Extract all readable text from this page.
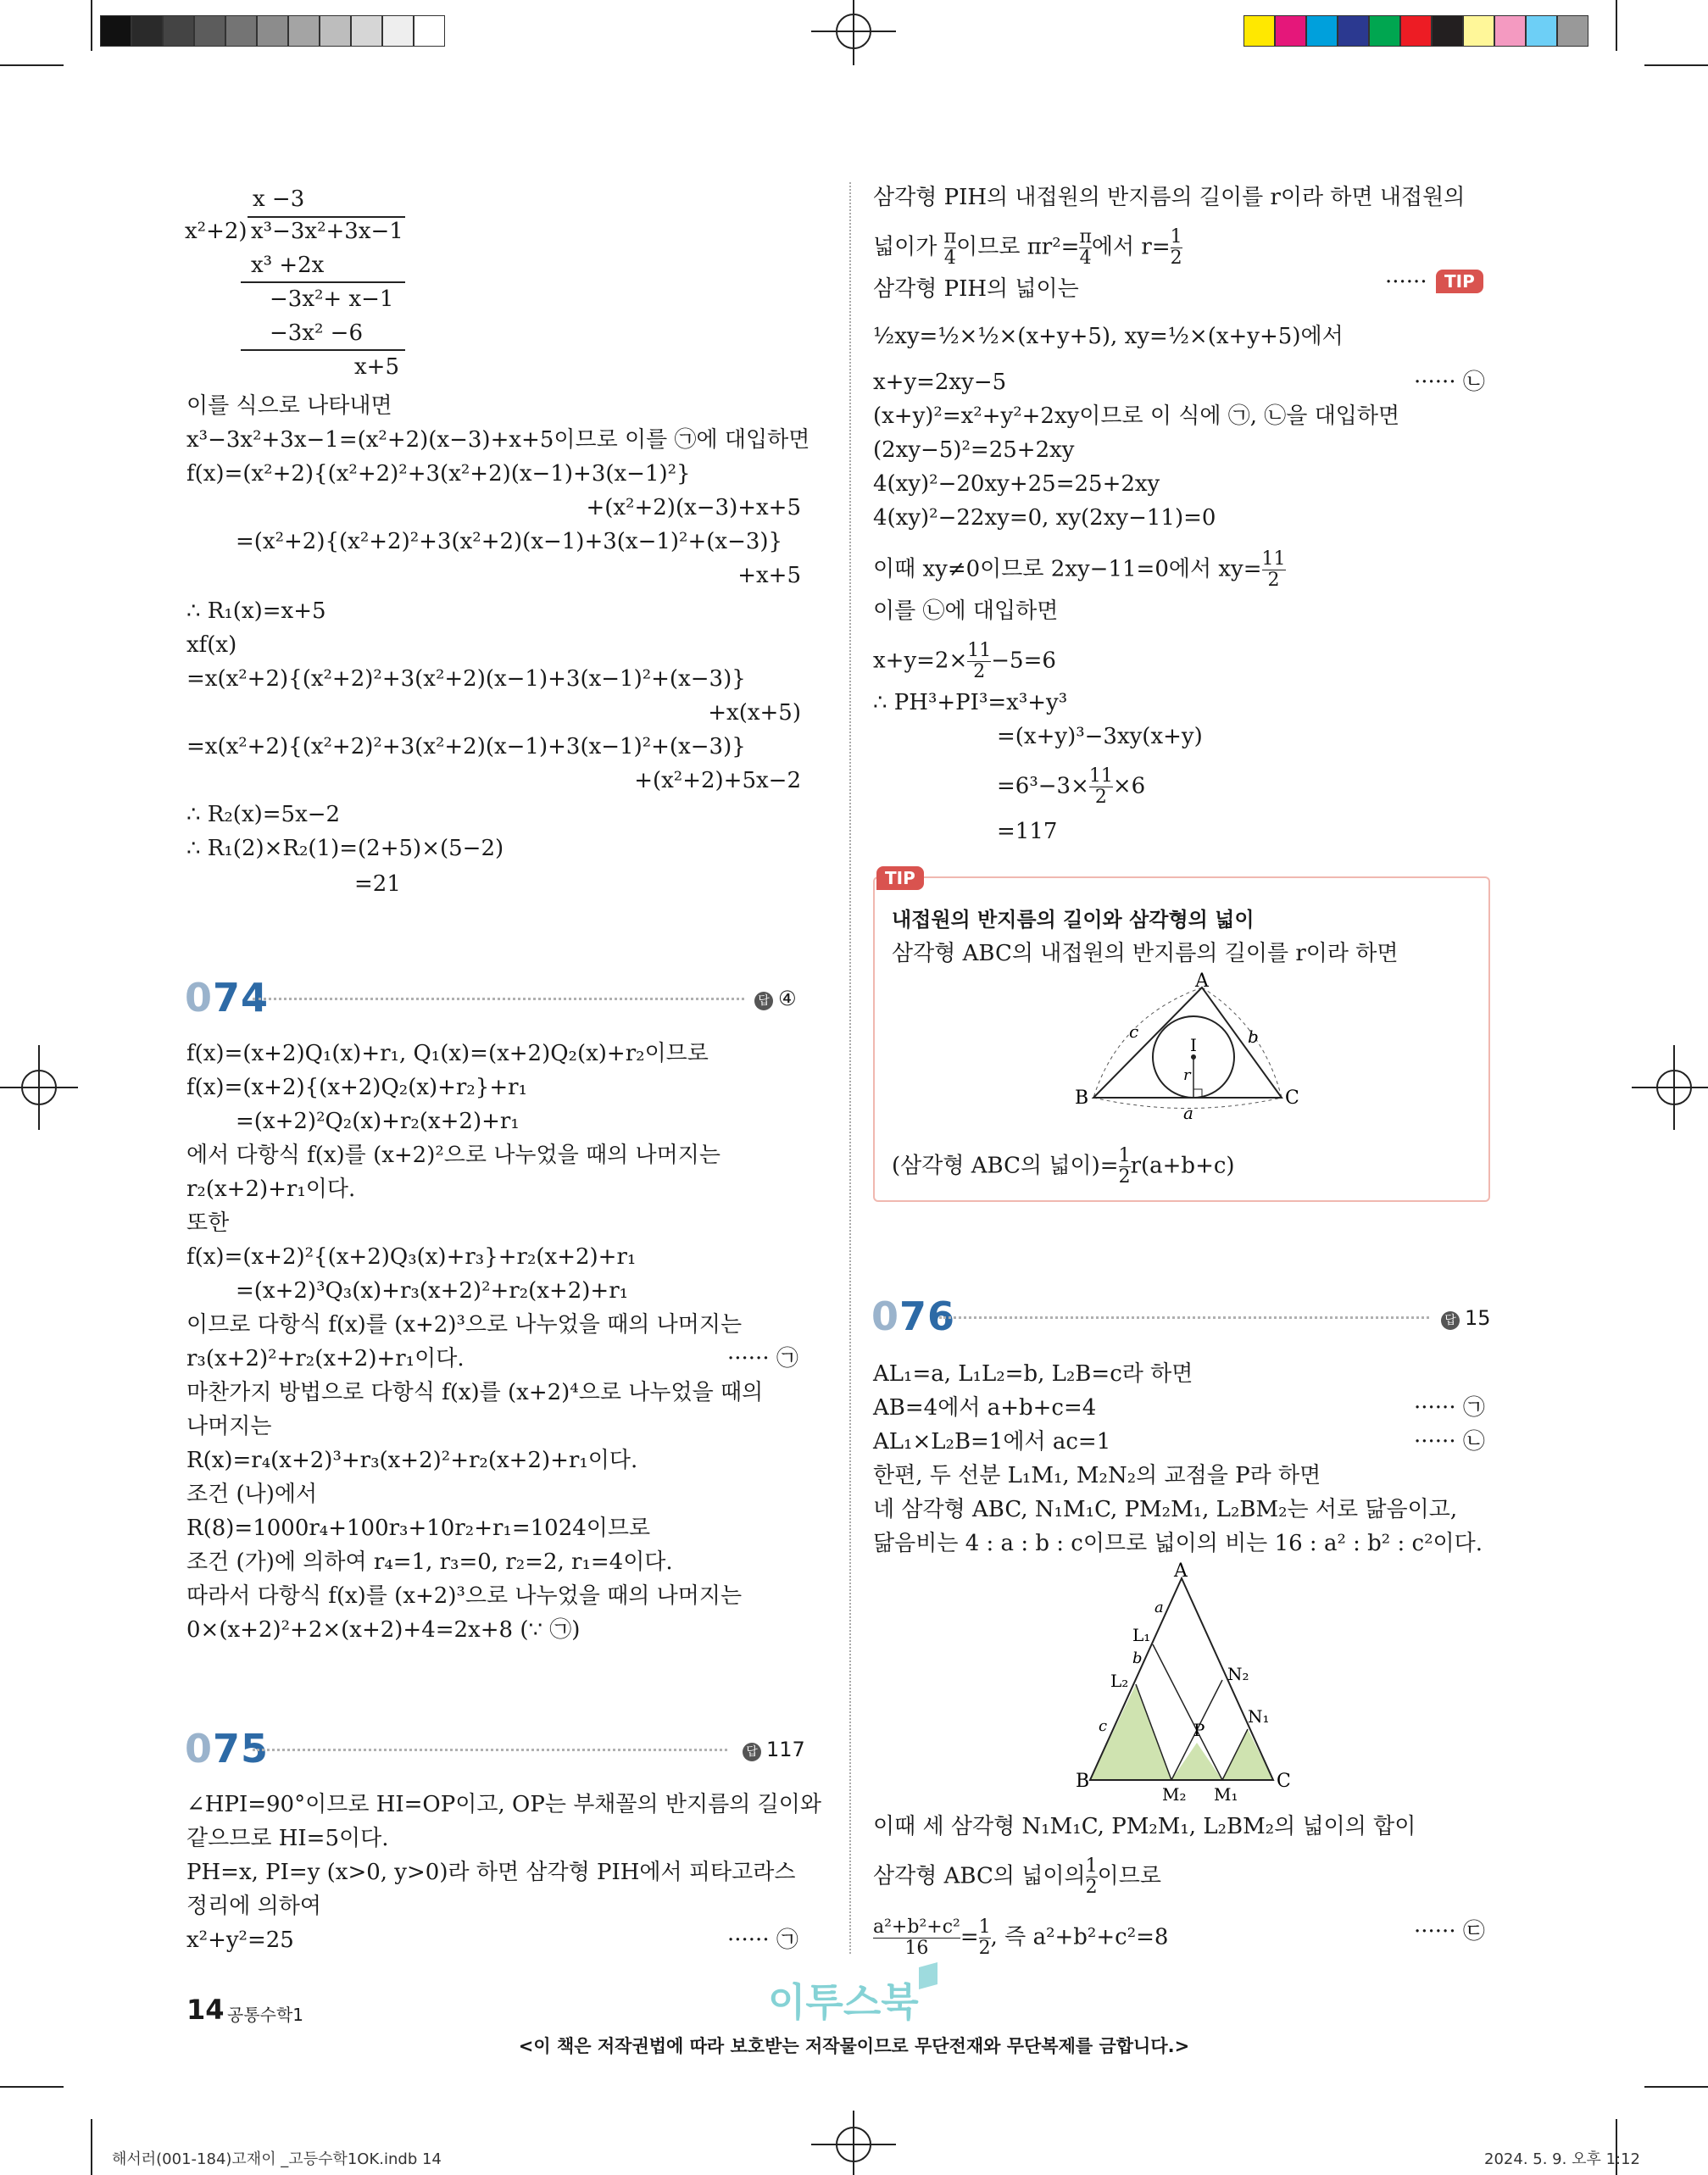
x −3
x²+2) x³−3x²+3x−1
x³ +2x
−3x²+ x−1
−3x² −6
x+5
이를 식으로 나타내면
x³−3x²+3x−1=(x²+2)(x−3)+x+5이므로 이를 ㉠에 대입하면
f(x)=(x²+2){(x²+2)²+3(x²+2)(x−1)+3(x−1)²}
+(x²+2)(x−3)+x+5
=(x²+2){(x²+2)²+3(x²+2)(x−1)+3(x−1)²+(x−3)}
+x+5
∴ R₁(x)=x+5
xf(x)
=x(x²+2){(x²+2)²+3(x²+2)(x−1)+3(x−1)²+(x−3)}
+x(x+5)
=x(x²+2){(x²+2)²+3(x²+2)(x−1)+3(x−1)²+(x−3)}
+(x²+2)+5x−2
∴ R₂(x)=5x−2
∴ R₁(2)×R₂(1)=(2+5)×(5−2)
=21
074	답 ④
f(x)=(x+2)Q₁(x)+r₁, Q₁(x)=(x+2)Q₂(x)+r₂이므로
f(x)=(x+2){(x+2)Q₂(x)+r₂}+r₁
=(x+2)²Q₂(x)+r₂(x+2)+r₁
에서 다항식 f(x)를 (x+2)²으로 나누었을 때의 나머지는
r₂(x+2)+r₁이다.
또한
f(x)=(x+2)²{(x+2)Q₃(x)+r₃}+r₂(x+2)+r₁
=(x+2)³Q₃(x)+r₃(x+2)²+r₂(x+2)+r₁
이므로 다항식 f(x)를 (x+2)³으로 나누었을 때의 나머지는
r₃(x+2)²+r₂(x+2)+r₁이다.	······ ㉠
마찬가지 방법으로 다항식 f(x)를 (x+2)⁴으로 나누었을 때의
나머지는
R(x)=r₄(x+2)³+r₃(x+2)²+r₂(x+2)+r₁이다.
조건 (나)에서
R(8)=1000r₄+100r₃+10r₂+r₁=1024이므로
조건 (가)에 의하여 r₄=1, r₃=0, r₂=2, r₁=4이다.
따라서 다항식 f(x)를 (x+2)³으로 나누었을 때의 나머지는
0×(x+2)²+2×(x+2)+4=2x+8 (∵ ㉠)
075	답 117
∠HPI=90°이므로 HI=OP이고, OP는 부채꼴의 반지름의 길이와
같으므로 HI=5이다.
PH=x, PI=y (x>0, y>0)라 하면 삼각형 PIH에서 피타고라스
정리에 의하여
x²+y²=25	······ ㉠
14 공통수학1
삼각형 PIH의 내접원의 반지름의 길이를 r이라 하면 내접원의
넓이가 $\frac{\pi}{4}$ 이므로 $\pi r^2= \frac{\pi}{4}$ 에서 $r= \frac{1}{2}$
삼각형 PIH의 넓이는	······	TIP
½xy=½×½×(x+y+5), xy=½×(x+y+5)에서
x+y=2xy−5	······ ㉡
(x+y)²=x²+y²+2xy이므로 이 식에 ㉠, ㉡을 대입하면
(2xy−5)²=25+2xy
4(xy)²−20xy+25=25+2xy
4(xy)²−22xy=0, xy(2xy−11)=0
이때 xy≠0이므로 2xy−11=0에서 $xy= \frac{11}{2}$
이를 ㉡에 대입하면
$x+y=2\times \frac{11}{2} -5=6$
∴ PH³+PI³=x³+y³
=(x+y)³−3xy(x+y)
$=6^3-3\times \frac{11}{2} \times 6$
=117
TIP
내접원의 반지름의 길이와 삼각형의 넓이
삼각형 ABC의 내접원의 반지름의 길이를 r이라 하면
A
B	C
I
r
a
b
c
(삼각형 ABC의 넓이)= $\frac{1}{2} r(a+b+c)$
076	답 15
AL₁=a, L₁L₂=b, L₂B=c라 하면
AB=4에서 a+b+c=4	······ ㉠
AL₁×L₂B=1에서 ac=1	······ ㉡
한편, 두 선분 L₁M₁, M₂N₂의 교점을 P라 하면
네 삼각형 ABC, N₁M₁C, PM₂M₁, L₂BM₂는 서로 닮음이고,
닮음비는 4 : a : b : c이므로 넓이의 비는 16 : a² : b² : c²이다.
A
B	C
L₁
L₂	N₂
N₁
M₂ M₁
P
a
b
c
이때 세 삼각형 N₁M₁C, PM₂M₁, L₂BM₂의 넓이의 합이
삼각형 ABC의 넓이의 $\frac{1}{2}$ 이므로
$\frac{\text{a²+b²+c²}}{16} = \frac{1}{2}$ , 즉 a²+b²+c²=8	······ ㉢
이투스북
<이 책은 저작권법에 따라 보호받는 저작물이므로 무단전재와 무단복제를 금합니다.>
해서러(001-184)고재이 _고등수학1OK.indb 14	2024. 5. 9. 오후 1:12
